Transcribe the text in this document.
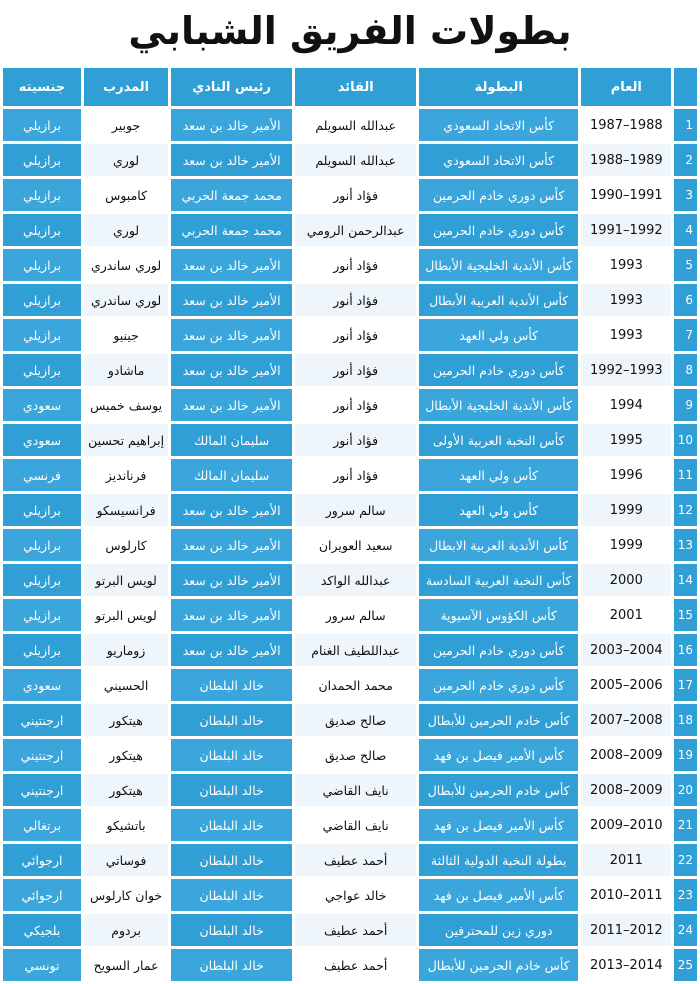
بطولات الفريق الشبابي
	العام	البطولة	القائد	رئيس النادي	المدرب	جنسيته
1	1988–1987	كأس الاتحاد السعودي	عبدالله السويلم	الأمير خالد بن سعد	جوبير	برازيلي
2	1989–1988	كأس الاتحاد السعودي	عبدالله السويلم	الأمير خالد بن سعد	لوري	برازيلي
3	1991–1990	كأس دوري خادم الحرمين	فؤاد أنور	محمد جمعة الحربي	كامبوس	برازيلي
4	1992–1991	كأس دوري خادم الحرمين	عبدالرحمن الرومي	محمد جمعة الحربي	لوري	برازيلي
5	1993	كأس الأندية الخليجية الأبطال	فؤاد أنور	الأمير خالد بن سعد	لوري ساندري	برازيلي
6	1993	كأس الأندية العربية الأبطال	فؤاد أنور	الأمير خالد بن سعد	لوري ساندري	برازيلي
7	1993	كأس ولي العهد	فؤاد أنور	الأمير خالد بن سعد	جينيو	برازيلي
8	1993–1992	كأس دوري خادم الحرمين	فؤاد أنور	الأمير خالد بن سعد	ماشادو	برازيلي
9	1994	كأس الأندية الخليجية الأبطال	فؤاد أنور	الأمير خالد بن سعد	يوسف خميس	سعودي
10	1995	كأس النخبة العربية الأولى	فؤاد أنور	سليمان المالك	إبراهيم تحسين	سعودي
11	1996	كأس ولي العهد	فؤاد أنور	سليمان المالك	فرنانديز	فرنسي
12	1999	كأس ولي العهد	سالم سرور	الأمير خالد بن سعد	فرانسيسكو	برازيلي
13	1999	كأس الأندية العربية الابطال	سعيد العويران	الأمير خالد بن سعد	كارلوس	برازيلي
14	2000	كأس النخبة العربية السادسة	عبدالله الواكد	الأمير خالد بن سعد	لويس البرتو	برازيلي
15	2001	كأس الكؤوس الآسيوية	سالم سرور	الأمير خالد بن سعد	لويس البرتو	برازيلي
16	2004–2003	كأس دوري خادم الحرمين	عبداللطيف الغنام	الأمير خالد بن سعد	زوماريو	برازيلي
17	2006–2005	كأس دوري خادم الحرمين	محمد الحمدان	خالد البلطان	الحسيني	سعودي
18	2008–2007	كأس خادم الحرمين للأبطال	صالح صديق	خالد البلطان	هيتكور	ارجنتيني
19	2009–2008	كأس الأمير فيصل بن فهد	صالح صديق	خالد البلطان	هيتكور	ارجنتيني
20	2009–2008	كأس خادم الحرمين للأبطال	نايف القاضي	خالد البلطان	هيتكور	ارجنتيني
21	2010–2009	كأس الأمير فيصل بن فهد	نايف القاضي	خالد البلطان	باتشيكو	برتغالي
22	2011	بطولة النخبة الدولية الثالثة	أحمد عطيف	خالد البلطان	فوساتي	ارجوائي
23	2011–2010	كأس الأمير فيصل بن فهد	خالد عواجي	خالد البلطان	خوان كارلوس	ارجوائي
24	2012–2011	دوري زين للمحترفين	أحمد عطيف	خالد البلطان	بردوم	بلجيكي
25	2014–2013	كأس خادم الحرمين للأبطال	أحمد عطيف	خالد البلطان	عمار السويح	تونسي
